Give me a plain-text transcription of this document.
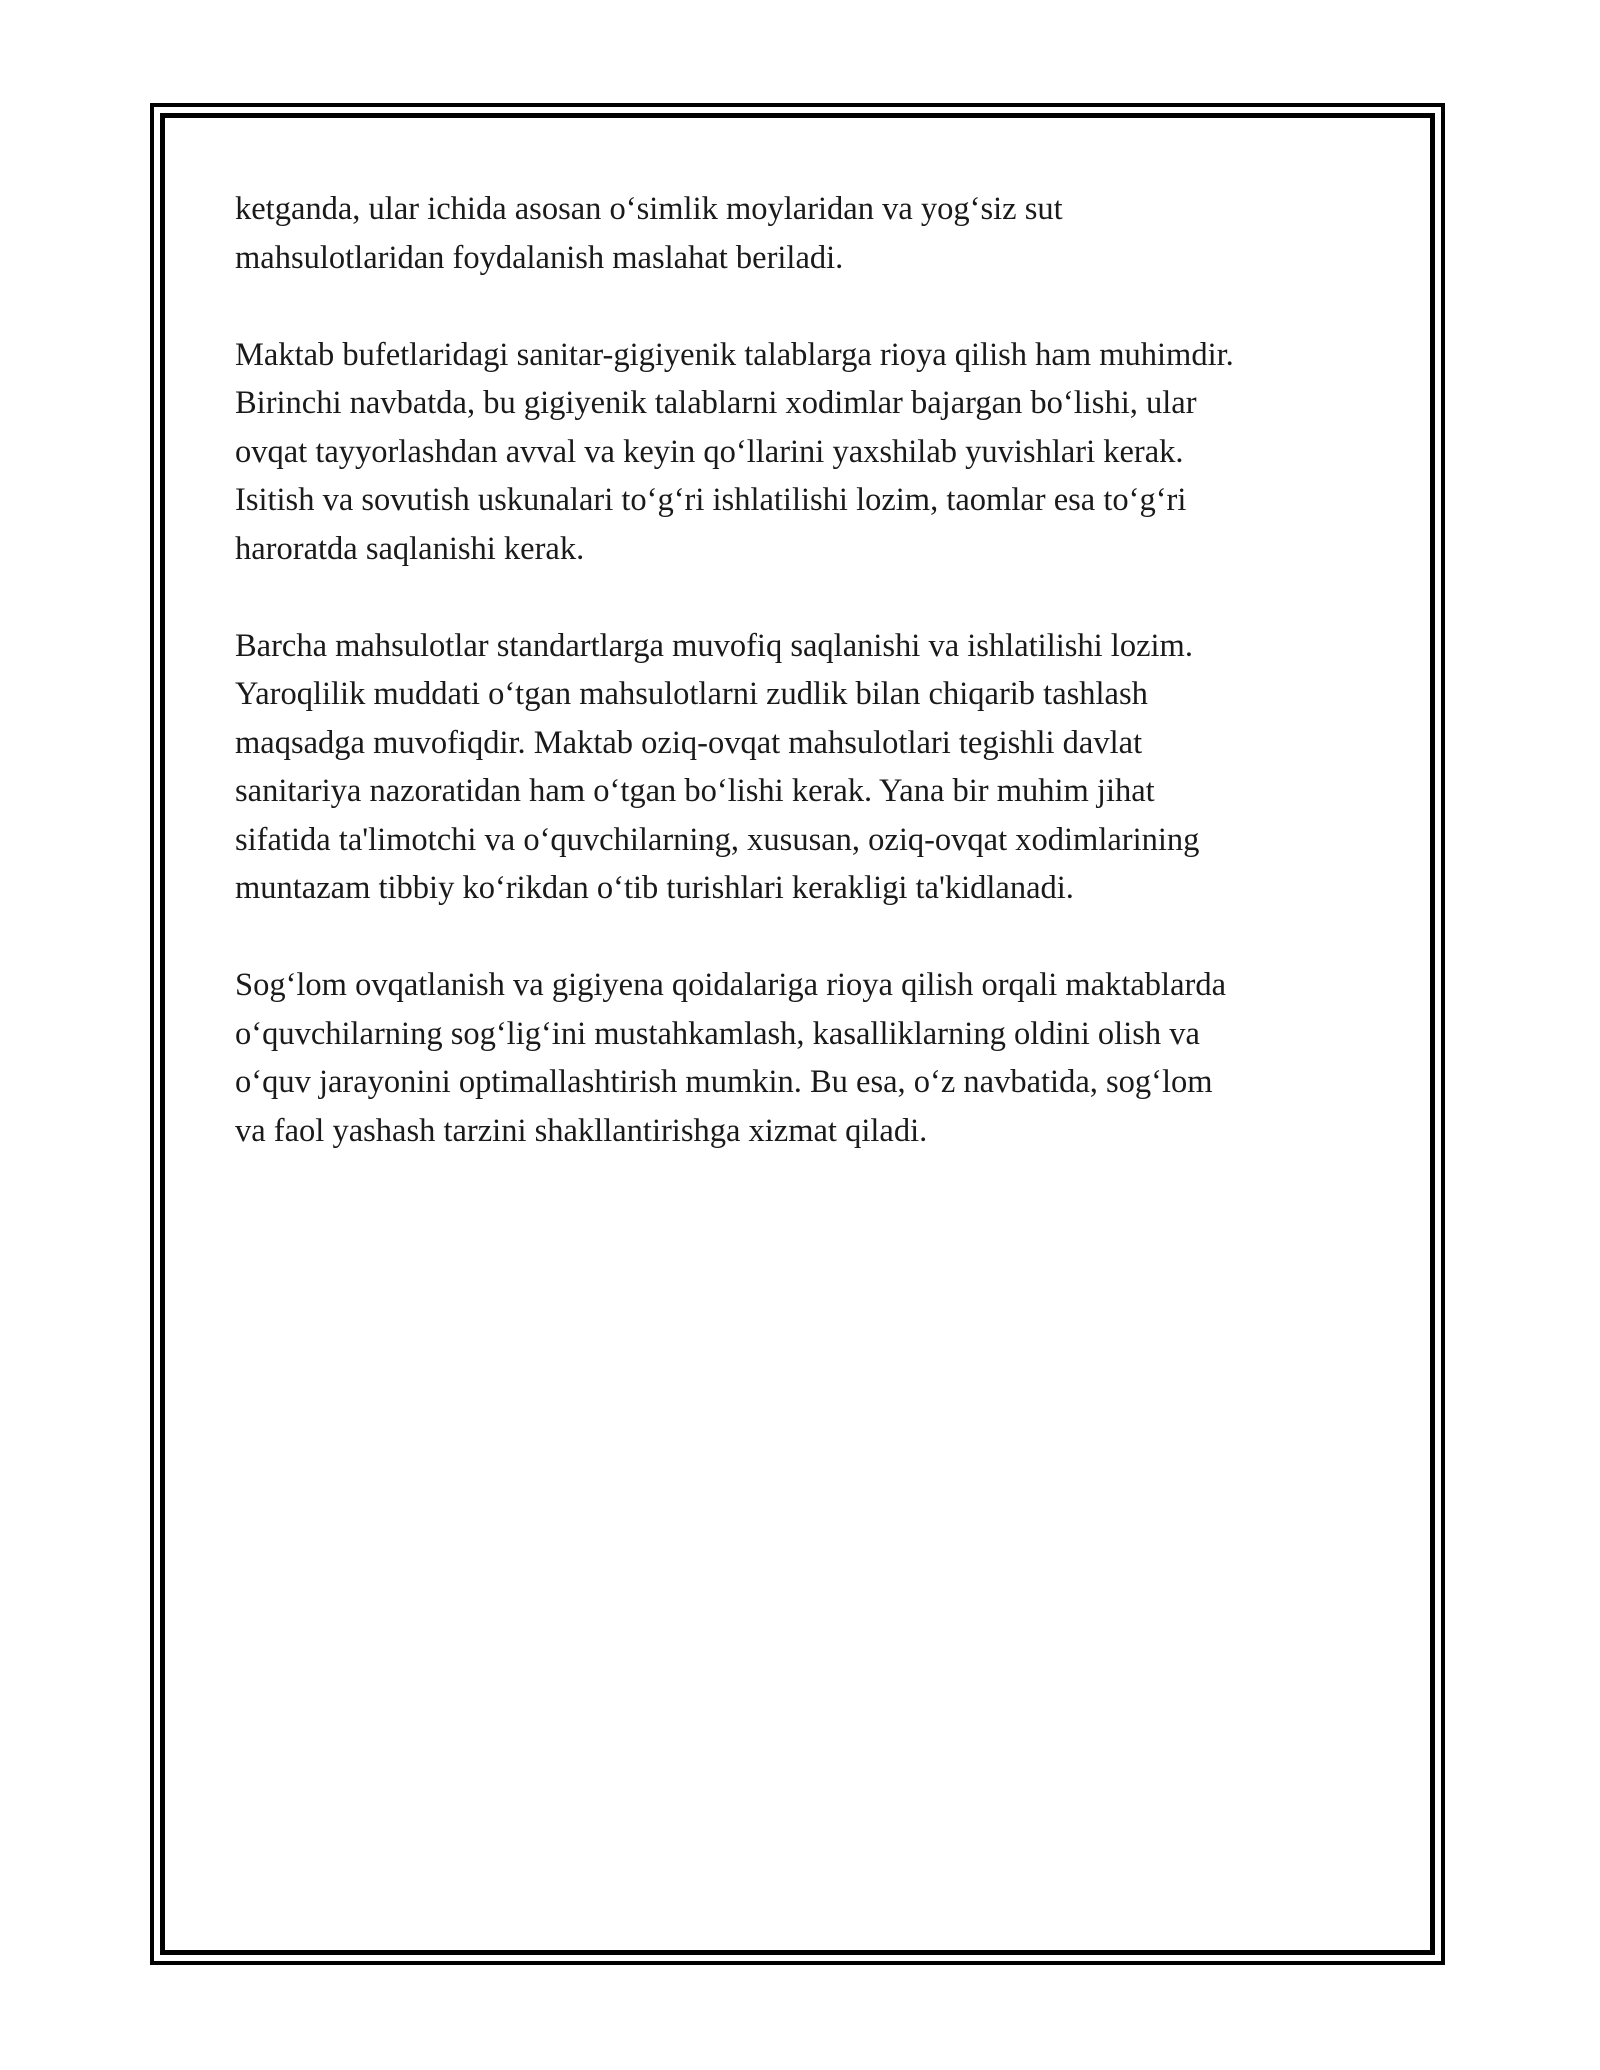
ketganda, ular ichida asosan o‘simlik moylaridan va yog‘siz sut
mahsulotlaridan foydalanish maslahat beriladi.

Maktab bufetlaridagi sanitar-gigiyenik talablarga rioya qilish ham muhimdir.
Birinchi navbatda, bu gigiyenik talablarni xodimlar bajargan bo‘lishi, ular
ovqat tayyorlashdan avval va keyin qo‘llarini yaxshilab yuvishlari kerak.
Isitish va sovutish uskunalari to‘g‘ri ishlatilishi lozim, taomlar esa to‘g‘ri
haroratda saqlanishi kerak.

Barcha mahsulotlar standartlarga muvofiq saqlanishi va ishlatilishi lozim.
Yaroqlilik muddati o‘tgan mahsulotlarni zudlik bilan chiqarib tashlash
maqsadga muvofiqdir. Maktab oziq-ovqat mahsulotlari tegishli davlat
sanitariya nazoratidan ham o‘tgan bo‘lishi kerak. Yana bir muhim jihat
sifatida ta'limotchi va o‘quvchilarning, xususan, oziq-ovqat xodimlarining
muntazam tibbiy ko‘rikdan o‘tib turishlari kerakligi ta'kidlanadi.

Sog‘lom ovqatlanish va gigiyena qoidalariga rioya qilish orqali maktablarda
o‘quvchilarning sog‘lig‘ini mustahkamlash, kasalliklarning oldini olish va
o‘quv jarayonini optimallashtirish mumkin. Bu esa, o‘z navbatida, sog‘lom
va faol yashash tarzini shakllantirishga xizmat qiladi.
